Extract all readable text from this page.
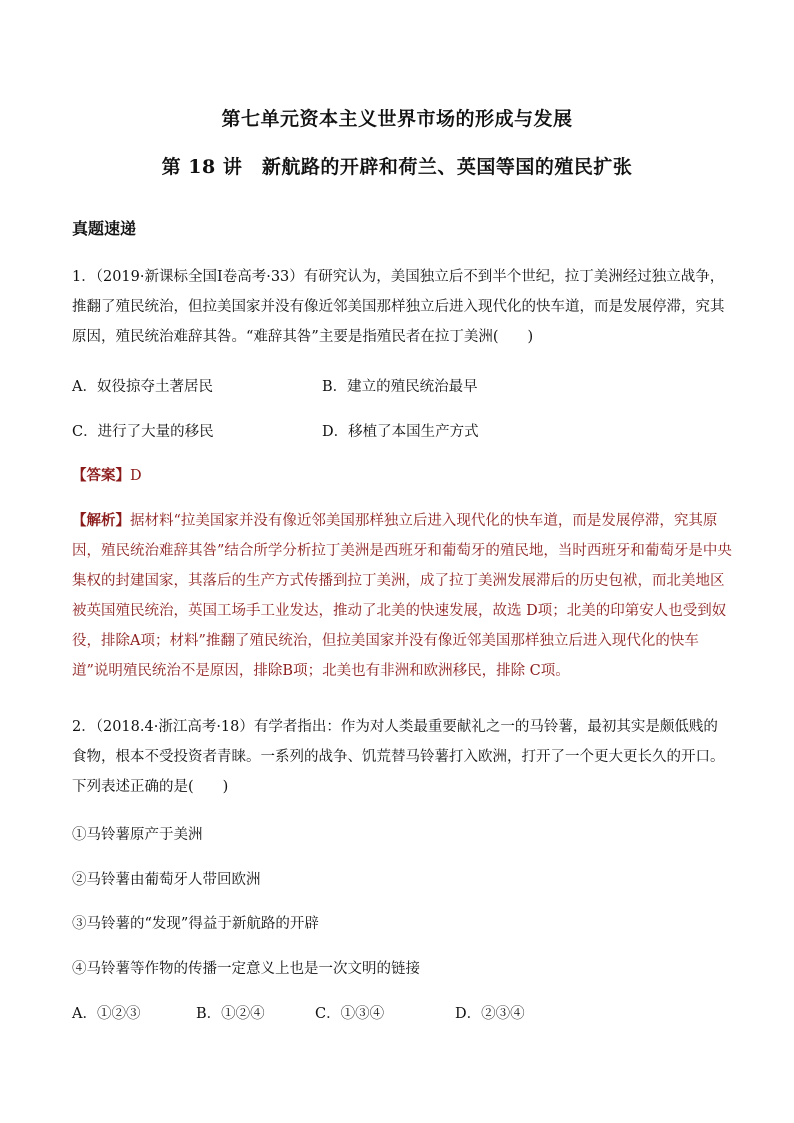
第七单元资本主义世界市场的形成与发展
第 18 讲　新航路的开辟和荷兰、英国等国的殖民扩张
真题速递

1．（2019·新课标全国Ⅰ卷高考·33）有研究认为，美国独立后不到半个世纪，拉丁美洲经过独立战争，推翻了殖民统治，但拉美国家并没有像近邻美国那样独立后进入现代化的快车道，而是发展停滞，究其原因，殖民统治难辞其咎。“难辞其咎”主要是指殖民者在拉丁美洲(　　)

A．奴役掠夺土著居民	B．建立的殖民统治最早
C．进行了大量的移民	D．移植了本国生产方式
【答案】D

【解析】据材料“拉美国家并没有像近邻美国那样独立后进入现代化的快车道，而是发展停滞，究其原因，殖民统治难辞其咎”结合所学分析拉丁美洲是西班牙和葡萄牙的殖民地，当时西班牙和葡萄牙是中央集权的封建国家，其落后的生产方式传播到拉丁美洲，成了拉丁美洲发展滞后的历史包袱，而北美地区被英国殖民统治，英国工场手工业发达，推动了北美的快速发展，故选 D项；北美的印第安人也受到奴役，排除A项；材料”推翻了殖民统治，但拉美国家并没有像近邻美国那样独立后进入现代化的快车道”说明殖民统治不是原因，排除B项；北美也有非洲和欧洲移民，排除 C项。

2．（2018.4·浙江高考·18）有学者指出：作为对人类最重要献礼之一的马铃薯，最初其实是颇低贱的食物，根本不受投资者青睐。一系列的战争、饥荒替马铃薯打入欧洲，打开了一个更大更长久的开口。下列表述正确的是(　　)

①马铃薯原产于美洲
②马铃薯由葡萄牙人带回欧洲
③马铃薯的“发现”得益于新航路的开辟
④马铃薯等作物的传播一定意义上也是一次文明的链接
A．①②③	B．①②④	C．①③④	D．②③④
